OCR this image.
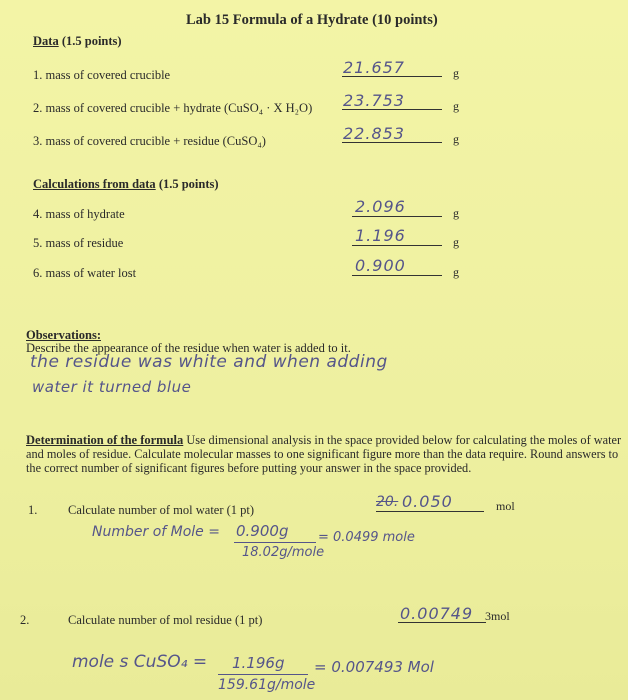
Lab 15 Formula of a Hydrate (10 points)
Data (1.5 points)
1. mass of covered crucible	21.657	g
2. mass of covered crucible + hydrate (CuSO₄ · X H₂O) 23.753	g
3. mass of covered crucible + residue (CuSO₄)	22.853	g
Calculations from data (1.5 points)
4. mass of hydrate	2.096	g
5. mass of residue	1.196	g
6. mass of water lost	0.900	g
Observations:
Describe the appearance of the residue when water is added to it.
the residue was white and when adding
water it turned blue
Determination of the formula Use dimensional analysis in the space provided below for calculating the moles of water and moles of residue. Calculate molecular masses to one significant figure more than the data require. Round answers to the correct number of significant figures before putting your answer in the space provided.
1. Calculate number of mol water (1 pt)	20. 0.050	mol
Number of Mole = 0.900g
18.02g/mole
= 0.0499 mole
2.	Calculate number of mol residue (1 pt)	0.00749 3mol
mole s CuSO₄ = 1.196g
159.61g/mole
= 0.007493 Mol
